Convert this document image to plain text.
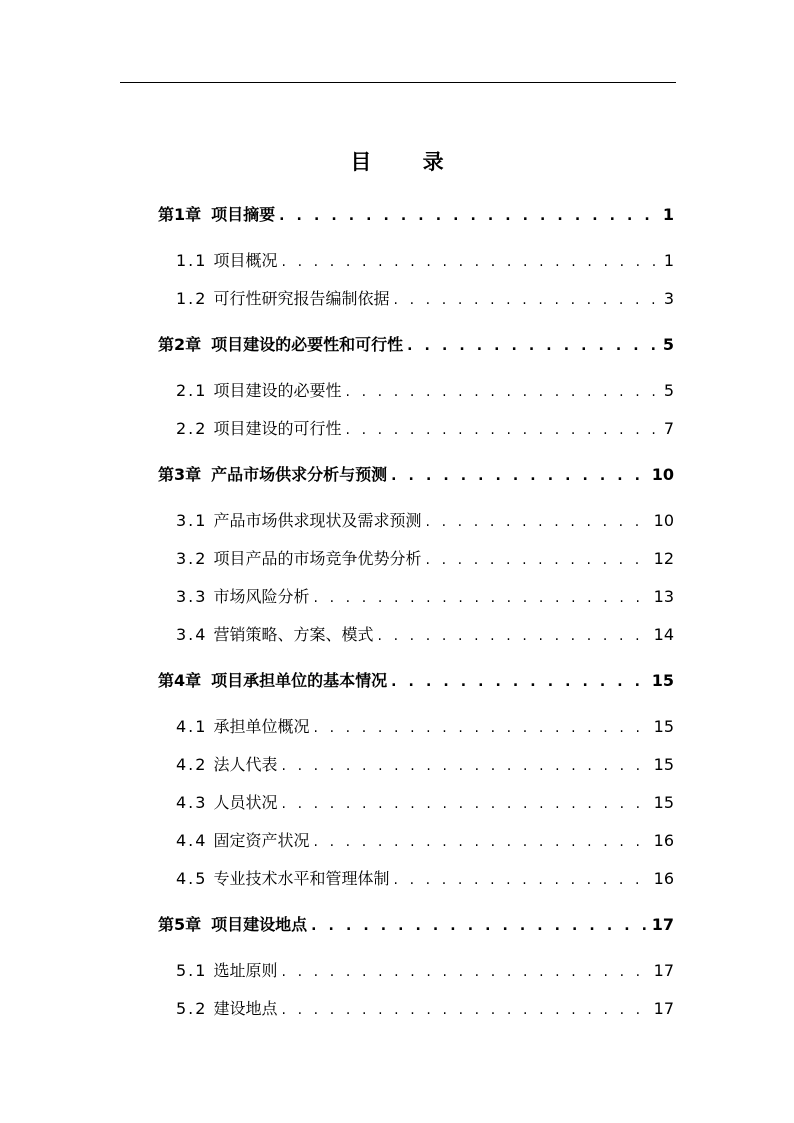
目 录
第1章 项目摘要 . . .	1
1.1 项目概况 . . .	1
1.2 可行性研究报告编制依据 . . .	3
第2章 项目建设的必要性和可行性 . . .	5
2.1 项目建设的必要性 . . .	5
2.2 项目建设的可行性 . . .	7
第3章 产品市场供求分析与预测 . . .	10
3.1 产品市场供求现状及需求预测 . . .	10
3.2 项目产品的市场竞争优势分析 . . .	12
3.3 市场风险分析 . . .	13
3.4 营销策略、方案、模式 . . .	14
第4章 项目承担单位的基本情况 . . .	15
4.1 承担单位概况 . . .	15
4.2 法人代表 . . .	15
4.3 人员状况 . . .	15
4.4 固定资产状况 . . .	16
4.5 专业技术水平和管理体制 . . .	16
第5章 项目建设地点 . . .	17
5.1 选址原则 . . .	17
5.2 建设地点 . . .	17
